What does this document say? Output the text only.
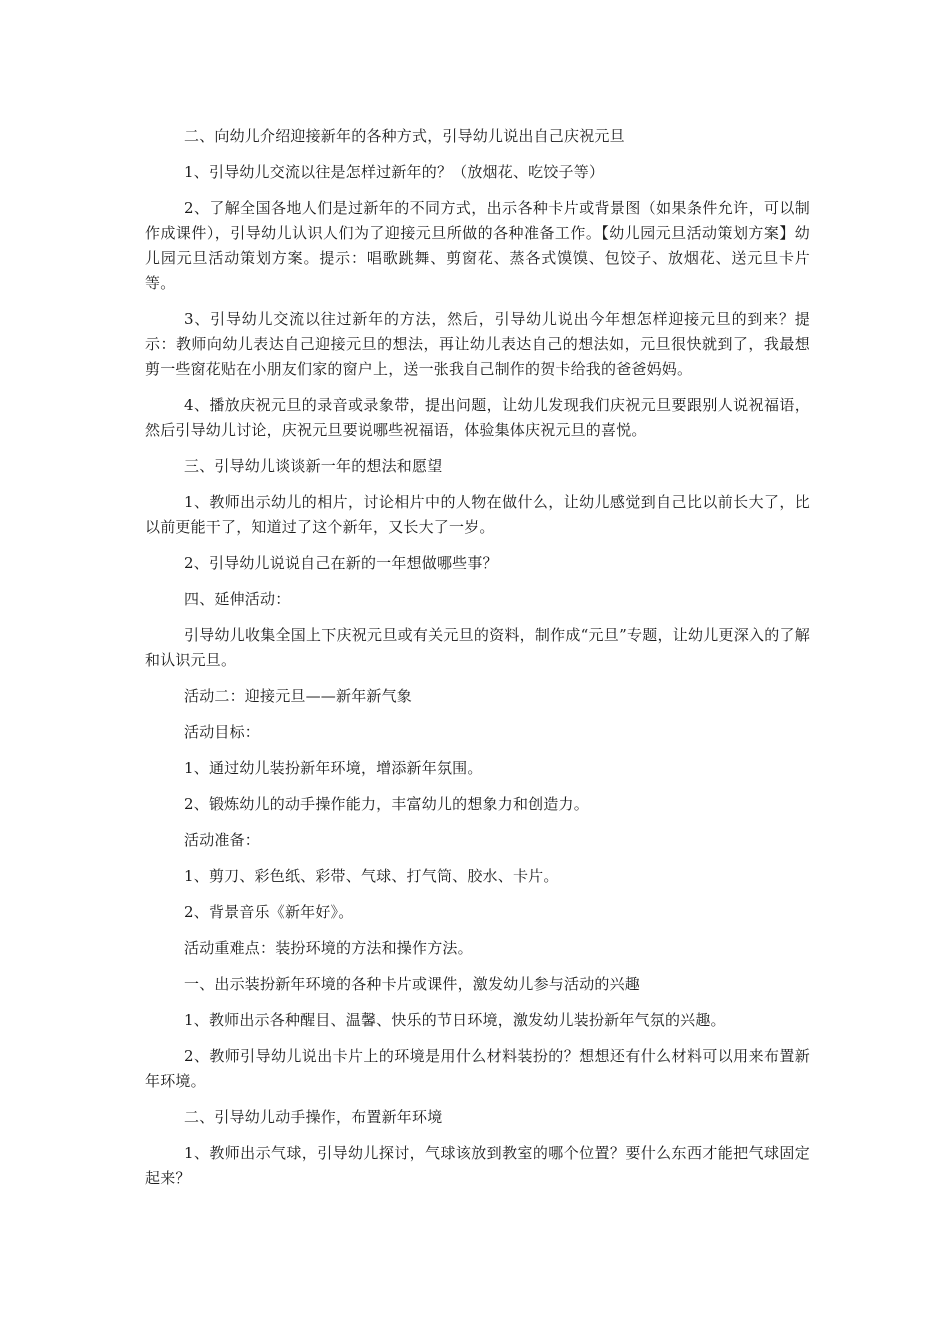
二、向幼儿介绍迎接新年的各种方式，引导幼儿说出自己庆祝元旦

1、引导幼儿交流以往是怎样过新年的？（放烟花、吃饺子等）

2、了解全国各地人们是过新年的不同方式，出示各种卡片或背景图（如果条件允许，可以制作成课件），引导幼儿认识人们为了迎接元旦所做的各种准备工作。【幼儿园元旦活动策划方案】幼儿园元旦活动策划方案。提示：唱歌跳舞、剪窗花、蒸各式馍馍、包饺子、放烟花、送元旦卡片等。

3、引导幼儿交流以往过新年的方法，然后，引导幼儿说出今年想怎样迎接元旦的到来？提示：教师向幼儿表达自己迎接元旦的想法，再让幼儿表达自己的想法如，元旦很快就到了，我最想剪一些窗花贴在小朋友们家的窗户上，送一张我自己制作的贺卡给我的爸爸妈妈。

4、播放庆祝元旦的录音或录象带，提出问题，让幼儿发现我们庆祝元旦要跟别人说祝福语，然后引导幼儿讨论，庆祝元旦要说哪些祝福语，体验集体庆祝元旦的喜悦。

三、引导幼儿谈谈新一年的想法和愿望

1、教师出示幼儿的相片，讨论相片中的人物在做什么，让幼儿感觉到自己比以前长大了，比以前更能干了，知道过了这个新年，又长大了一岁。

2、引导幼儿说说自己在新的一年想做哪些事？

四、延伸活动：

引导幼儿收集全国上下庆祝元旦或有关元旦的资料，制作成“元旦”专题，让幼儿更深入的了解和认识元旦。

活动二：迎接元旦——新年新气象

活动目标：

1、通过幼儿装扮新年环境，增添新年氛围。

2、锻炼幼儿的动手操作能力，丰富幼儿的想象力和创造力。

活动准备：

1、剪刀、彩色纸、彩带、气球、打气筒、胶水、卡片。

2、背景音乐《新年好》。

活动重难点：装扮环境的方法和操作方法。

一、出示装扮新年环境的各种卡片或课件，激发幼儿参与活动的兴趣

1、教师出示各种醒目、温馨、快乐的节日环境，激发幼儿装扮新年气氛的兴趣。

2、教师引导幼儿说出卡片上的环境是用什么材料装扮的？想想还有什么材料可以用来布置新年环境。

二、引导幼儿动手操作，布置新年环境

1、教师出示气球，引导幼儿探讨，气球该放到教室的哪个位置？要什么东西才能把气球固定起来？
